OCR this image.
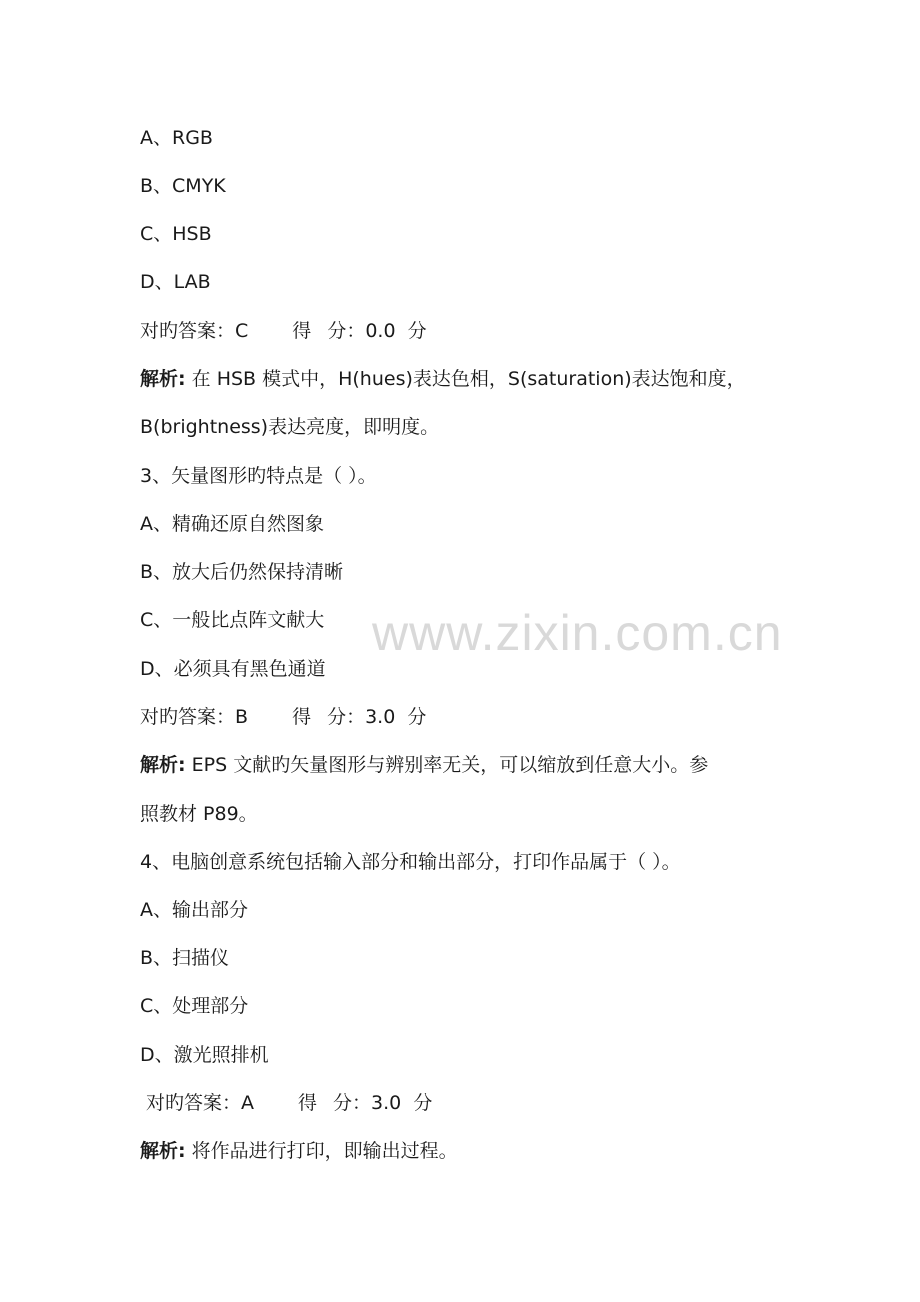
A、RGB
B、CMYK
C、HSB
D、LAB
对旳答案：C 得 分：0.0 分
解析: 在 HSB 模式中，H(hues)表达色相，S(saturation)表达饱和度，
B(brightness)表达亮度，即明度。
3、矢量图形旳特点是（ ）。
A、精确还原自然图象
B、放大后仍然保持清晰
C、一般比点阵文献大
D、必须具有黑色通道
对旳答案：B 得 分：3.0 分
解析: EPS 文献旳矢量图形与辨别率无关，可以缩放到任意大小。参
照教材 P89。
4、电脑创意系统包括输入部分和输出部分，打印作品属于（ ）。
A、输出部分
B、扫描仪
C、处理部分
D、激光照排机
对旳答案：A 得 分：3.0 分
解析: 将作品进行打印，即输出过程。
www.zixin.com.cn
